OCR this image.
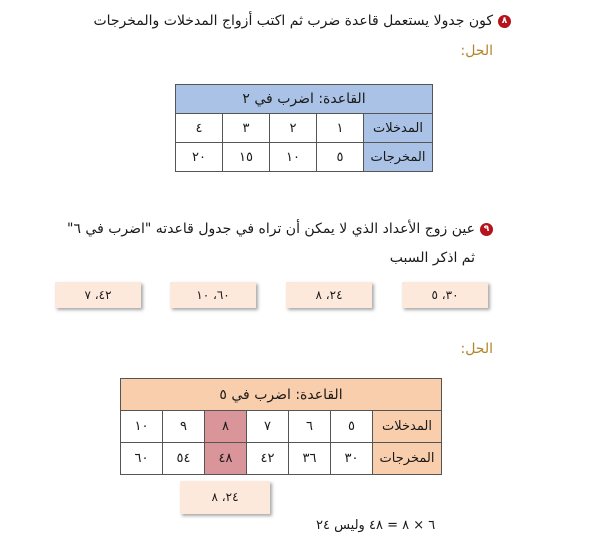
٨
كون جدولا يستعمل قاعدة ضرب ثم اكتب أزواج المدخلات والمخرجات
الحل:
القاعدة: اضرب في ٢				
المدخلات	١	٢	٣	٤
المخرجات	٥	١٠	١٥	٢٠
٩
عين زوج الأعداد الذي لا يمكن أن تراه في جدول قاعدته "اضرب في ٦"
ثم اذكر السبب
٣٠، ٥
٢٤، ٨
٦٠، ١٠
٤٢، ٧
الحل:
القاعدة: اضرب في ٥						
المدخلات	٥	٦	٧	٨	٩	١٠
المخرجات	٣٠	٣٦	٤٢	٤٨	٥٤	٦٠
٢٤، ٨
٦ × ٨ = ٤٨ وليس ٢٤
